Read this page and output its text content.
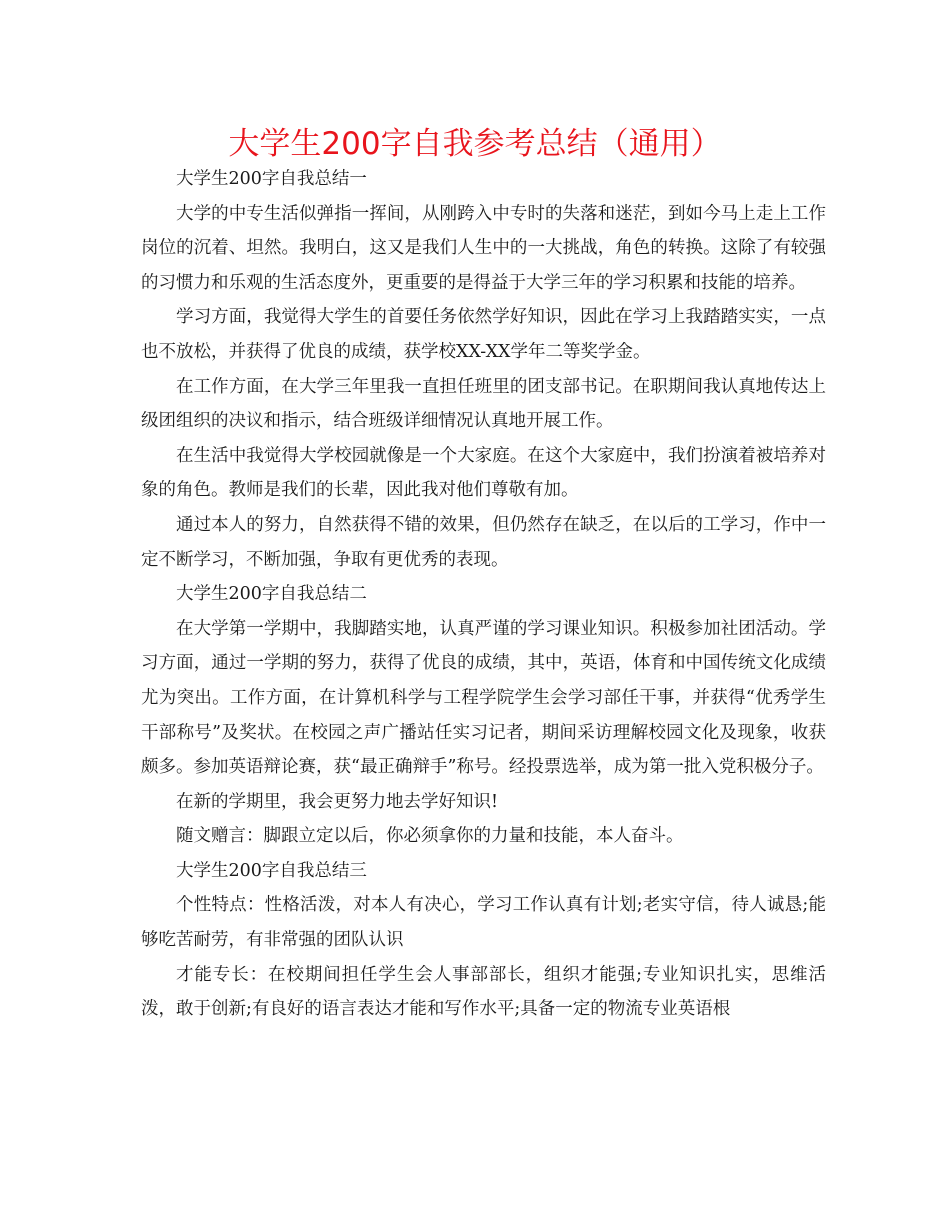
大学生200字自我参考总结（通用）

大学生200字自我总结一

大学的中专生活似弹指一挥间，从刚跨入中专时的失落和迷茫，到如今马上走上工作岗位的沉着、坦然。我明白，这又是我们人生中的一大挑战，角色的转换。这除了有较强的习惯力和乐观的生活态度外，更重要的是得益于大学三年的学习积累和技能的培养。

学习方面，我觉得大学生的首要任务依然学好知识，因此在学习上我踏踏实实，一点也不放松，并获得了优良的成绩，获学校XX-XX学年二等奖学金。

在工作方面，在大学三年里我一直担任班里的团支部书记。在职期间我认真地传达上级团组织的决议和指示，结合班级详细情况认真地开展工作。

在生活中我觉得大学校园就像是一个大家庭。在这个大家庭中，我们扮演着被培养对象的角色。教师是我们的长辈，因此我对他们尊敬有加。

通过本人的努力，自然获得不错的效果，但仍然存在缺乏，在以后的工学习，作中一定不断学习，不断加强，争取有更优秀的表现。

大学生200字自我总结二

在大学第一学期中，我脚踏实地，认真严谨的学习课业知识。积极参加社团活动。学习方面，通过一学期的努力，获得了优良的成绩，其中，英语，体育和中国传统文化成绩尤为突出。工作方面，在计算机科学与工程学院学生会学习部任干事，并获得“优秀学生干部称号”及奖状。在校园之声广播站任实习记者，期间采访理解校园文化及现象，收获颇多。参加英语辩论赛，获“最正确辩手”称号。经投票选举，成为第一批入党积极分子。

在新的学期里，我会更努力地去学好知识!

随文赠言：脚跟立定以后，你必须拿你的力量和技能，本人奋斗。

大学生200字自我总结三

个性特点：性格活泼，对本人有决心，学习工作认真有计划;老实守信，待人诚恳;能够吃苦耐劳，有非常强的团队认识

才能专长：在校期间担任学生会人事部部长，组织才能强;专业知识扎实，思维活泼，敢于创新;有良好的语言表达才能和写作水平;具备一定的物流专业英语根
